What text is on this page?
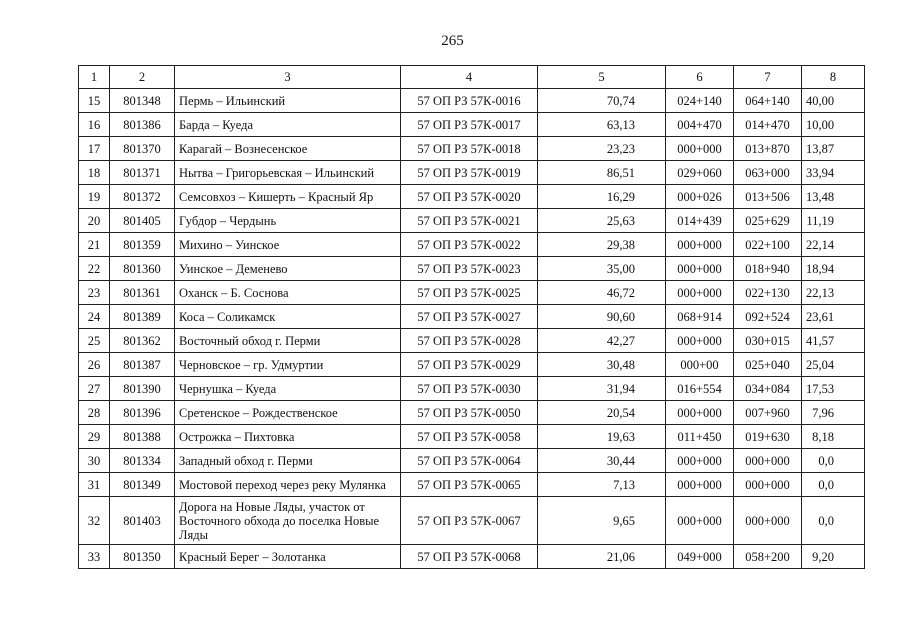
265
1	2	3	4	5	6	7	8
15	801348	Пермь – Ильинский	57 ОП РЗ 57К-0016	70,74	024+140	064+140	40,00
16	801386	Барда – Куеда	57 ОП РЗ 57К-0017	63,13	004+470	014+470	10,00
17	801370	Карагай – Вознесенское	57 ОП РЗ 57К-0018	23,23	000+000	013+870	13,87
18	801371	Нытва – Григорьевская – Ильинский	57 ОП РЗ 57К-0019	86,51	029+060	063+000	33,94
19	801372	Семсовхоз – Кишерть – Красный Яр	57 ОП РЗ 57К-0020	16,29	000+026	013+506	13,48
20	801405	Губдор – Чердынь	57 ОП РЗ 57К-0021	25,63	014+439	025+629	11,19
21	801359	Михино – Уинское	57 ОП РЗ 57К-0022	29,38	000+000	022+100	22,14
22	801360	Уинское – Деменево	57 ОП РЗ 57К-0023	35,00	000+000	018+940	18,94
23	801361	Оханск – Б. Соснова	57 ОП РЗ 57К-0025	46,72	000+000	022+130	22,13
24	801389	Коса – Соликамск	57 ОП РЗ 57К-0027	90,60	068+914	092+524	23,61
25	801362	Восточный обход г. Перми	57 ОП РЗ 57К-0028	42,27	000+000	030+015	41,57
26	801387	Черновское – гр. Удмуртии	57 ОП РЗ 57К-0029	30,48	000+00	025+040	25,04
27	801390	Чернушка – Куеда	57 ОП РЗ 57К-0030	31,94	016+554	034+084	17,53
28	801396	Сретенское – Рождественское	57 ОП РЗ 57К-0050	20,54	000+000	007+960	7,96
29	801388	Острожка – Пихтовка	57 ОП РЗ 57К-0058	19,63	011+450	019+630	8,18
30	801334	Западный обход г. Перми	57 ОП РЗ 57К-0064	30,44	000+000	000+000	0,0
31	801349	Мостовой переход через реку Мулянка	57 ОП РЗ 57К-0065	7,13	000+000	000+000	0,0
32	801403	Дорога на Новые Ляды, участок от Восточного обхода до поселка Новые Ляды	57 ОП РЗ 57К-0067	9,65	000+000	000+000	0,0
33	801350	Красный Берег – Золотанка	57 ОП РЗ 57К-0068	21,06	049+000	058+200	9,20
